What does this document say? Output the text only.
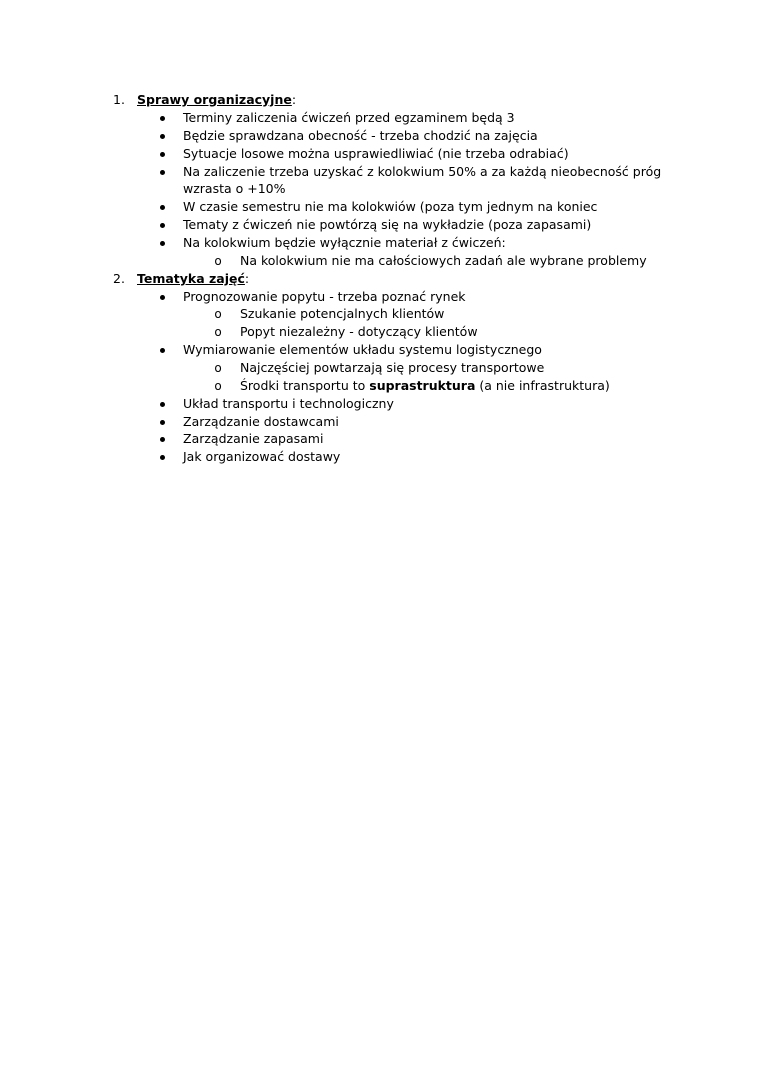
1. Sprawy organizacyjne:
Terminy zaliczenia ćwiczeń przed egzaminem będą 3
Będzie sprawdzana obecność - trzeba chodzić na zajęcia
Sytuacje losowe można usprawiedliwiać (nie trzeba odrabiać)
Na zaliczenie trzeba uzyskać z kolokwium 50% a za każdą nieobecność próg
wzrasta o +10%
W czasie semestru nie ma kolokwiów (poza tym jednym na koniec
Tematy z ćwiczeń nie powtórzą się na wykładzie (poza zapasami)
Na kolokwium będzie wyłącznie materiał z ćwiczeń:
o Na kolokwium nie ma całościowych zadań ale wybrane problemy
2. Tematyka zajęć:
Prognozowanie popytu - trzeba poznać rynek
o Szukanie potencjalnych klientów
o Popyt niezależny - dotyczący klientów
Wymiarowanie elementów układu systemu logistycznego
o Najczęściej powtarzają się procesy transportowe
o Środki transportu to suprastruktura (a nie infrastruktura)
Układ transportu i technologiczny
Zarządzanie dostawcami
Zarządzanie zapasami
Jak organizować dostawy
